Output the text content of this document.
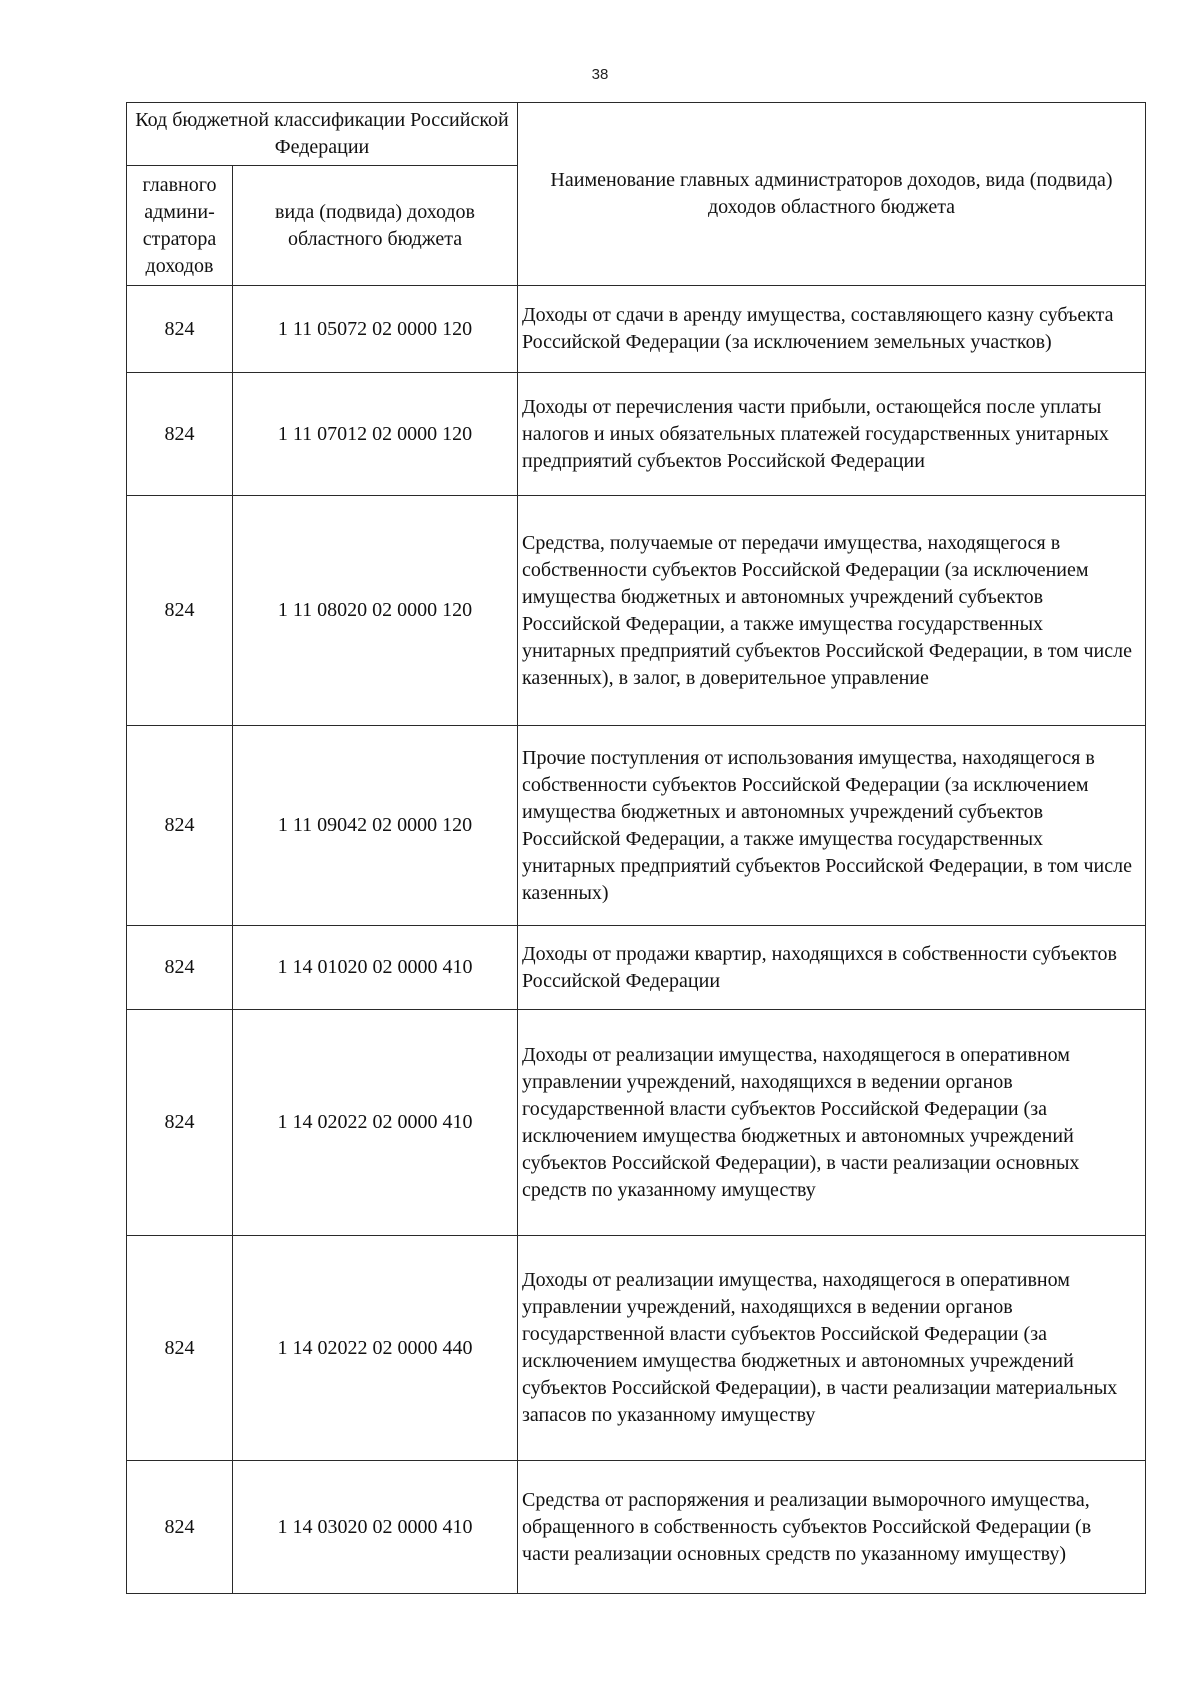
38
Код бюджетной классификации Российской Федерации		Наименование главных администраторов доходов, вида (подвида) доходов областного бюджета
главного админи-стратора доходов	вида (подвида) доходов областного бюджета	
824	1 11 05072 02 0000 120	Доходы от сдачи в аренду имущества, составляющего казну субъекта Российской Федерации (за исключением земельных участков)
824	1 11 07012 02 0000 120	Доходы от перечисления части прибыли, остающейся после уплаты налогов и иных обязательных платежей государственных унитарных предприятий субъектов Российской Федерации
824	1 11 08020 02 0000 120	Средства, получаемые от передачи имущества, находящегося в собственности субъектов Российской Федерации (за исключением имущества бюджетных и автономных учреждений субъектов Российской Федерации, а также имущества государственных унитарных предприятий субъектов Российской Федерации, в том числе казенных), в залог, в доверительное управление
824	1 11 09042 02 0000 120	Прочие поступления от использования имущества, находящегося в собственности субъектов Российской Федерации (за исключением имущества бюджетных и автономных учреждений субъектов Российской Федерации, а также имущества государственных унитарных предприятий субъектов Российской Федерации, в том числе казенных)
824	1 14 01020 02 0000 410	Доходы от продажи квартир, находящихся в собственности субъектов Российской Федерации
824	1 14 02022 02 0000 410	Доходы от реализации имущества, находящегося в оперативном управлении учреждений, находящихся в ведении органов государственной власти субъектов Российской Федерации (за исключением имущества бюджетных и автономных учреждений субъектов Российской Федерации), в части реализации основных средств по указанному имуществу
824	1 14 02022 02 0000 440	Доходы от реализации имущества, находящегося в оперативном управлении учреждений, находящихся в ведении органов государственной власти субъектов Российской Федерации (за исключением имущества бюджетных и автономных учреждений субъектов Российской Федерации), в части реализации материальных запасов по указанному имуществу
824	1 14 03020 02 0000 410	Средства от распоряжения и реализации выморочного имущества, обращенного в собственность субъектов Российской Федерации (в части реализации основных средств по указанному имуществу)
